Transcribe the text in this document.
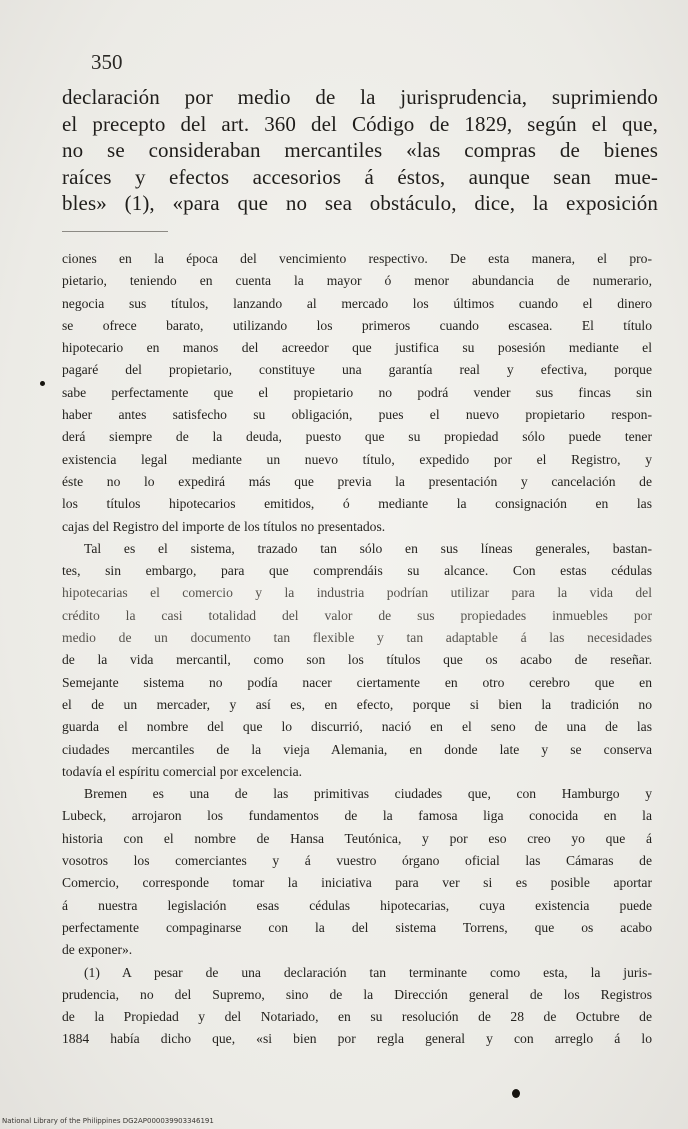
350
declaración por medio de la jurisprudencia, suprimiendo
el precepto del art. 360 del Código de 1829, según el que,
no se consideraban mercantiles «las compras de bienes
raíces y efectos accesorios á éstos, aunque sean mue-
bles» (1), «para que no sea obstáculo, dice, la exposición
ciones en la época del vencimiento respectivo. De esta manera, el pro-
pietario, teniendo en cuenta la mayor ó menor abundancia de numerario,
negocia sus títulos, lanzando al mercado los últimos cuando el dinero
se ofrece barato, utilizando los primeros cuando escasea. El título
hipotecario en manos del acreedor que justifica su posesión mediante el
pagaré del propietario, constituye una garantía real y efectiva, porque
sabe perfectamente que el propietario no podrá vender sus fincas sin
haber antes satisfecho su obligación, pues el nuevo propietario respon-
derá siempre de la deuda, puesto que su propiedad sólo puede tener
existencia legal mediante un nuevo título, expedido por el Registro, y
éste no lo expedirá más que previa la presentación y cancelación de
los títulos hipotecarios emitidos, ó mediante la consignación en las
cajas del Registro del importe de los títulos no presentados.
Tal es el sistema, trazado tan sólo en sus líneas generales, bastan-
tes, sin embargo, para que comprendáis su alcance. Con estas cédulas
hipotecarias el comercio y la industria podrían utilizar para la vida del
crédito la casi totalidad del valor de sus propiedades inmuebles por
medio de un documento tan flexible y tan adaptable á las necesidades
de la vida mercantil, como son los títulos que os acabo de reseñar.
Semejante sistema no podía nacer ciertamente en otro cerebro que en
el de un mercader, y así es, en efecto, porque si bien la tradición no
guarda el nombre del que lo discurrió, nació en el seno de una de las
ciudades mercantiles de la vieja Alemania, en donde late y se conserva
todavía el espíritu comercial por excelencia.
Bremen es una de las primitivas ciudades que, con Hamburgo y
Lubeck, arrojaron los fundamentos de la famosa liga conocida en la
historia con el nombre de Hansa Teutónica, y por eso creo yo que á
vosotros los comerciantes y á vuestro órgano oficial las Cámaras de
Comercio, corresponde tomar la iniciativa para ver si es posible aportar
á nuestra legislación esas cédulas hipotecarias, cuya existencia puede
perfectamente compaginarse con la del sistema Torrens, que os acabo
de exponer».
(1) A pesar de una declaración tan terminante como esta, la juris-
prudencia, no del Supremo, sino de la Dirección general de los Registros
de la Propiedad y del Notariado, en su resolución de 28 de Octubre de
1884 había dicho que, «si bien por regla general y con arreglo á lo
National Library of the Philippines DG2AP000039903346191
